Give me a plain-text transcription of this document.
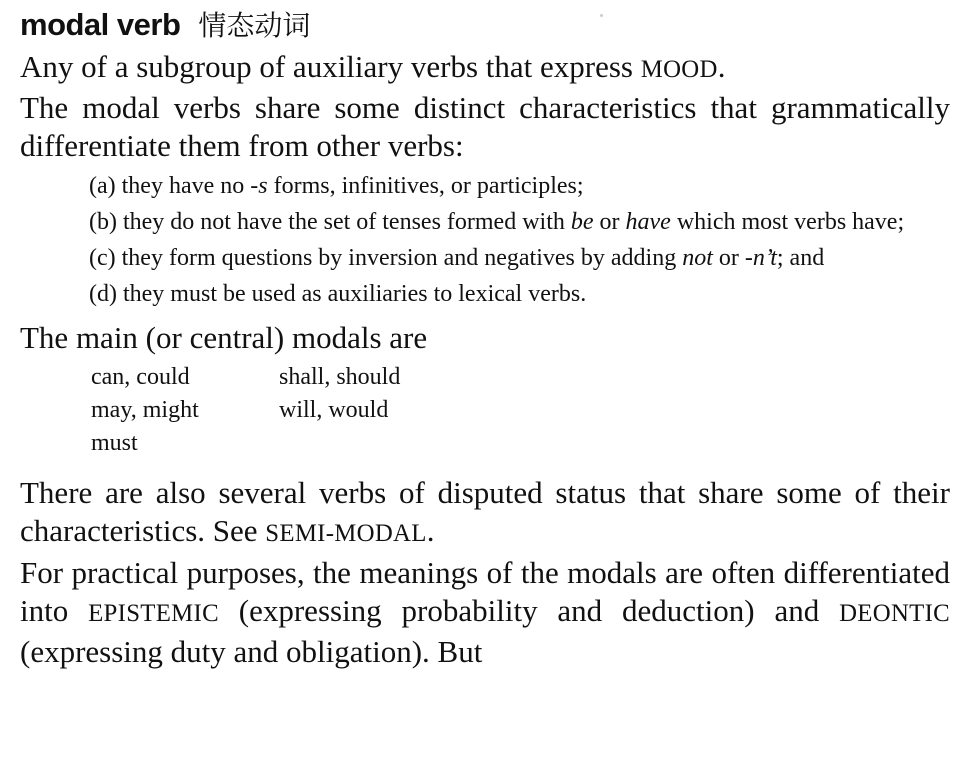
modal verb 情态动词

Any of a subgroup of auxiliary verbs that express MOOD.

The modal verbs share some distinct characteristics that grammatically differentiate them from other verbs:

(a) they have no -s forms, infinitives, or participles;

(b) they do not have the set of tenses formed with be or have which most verbs have;

(c) they form questions by inversion and negatives by adding not or -n’t; and

(d) they must be used as auxiliaries to lexical verbs.

The main (or central) modals are

can, could	shall, should
may, might	will, would
must	

There are also several verbs of disputed status that share some of their characteristics. See SEMI-MODAL.

For practical purposes, the meanings of the modals are often differentiated into EPISTEMIC (expressing probability and deduction) and DEONTIC (expressing duty and obligation). But
